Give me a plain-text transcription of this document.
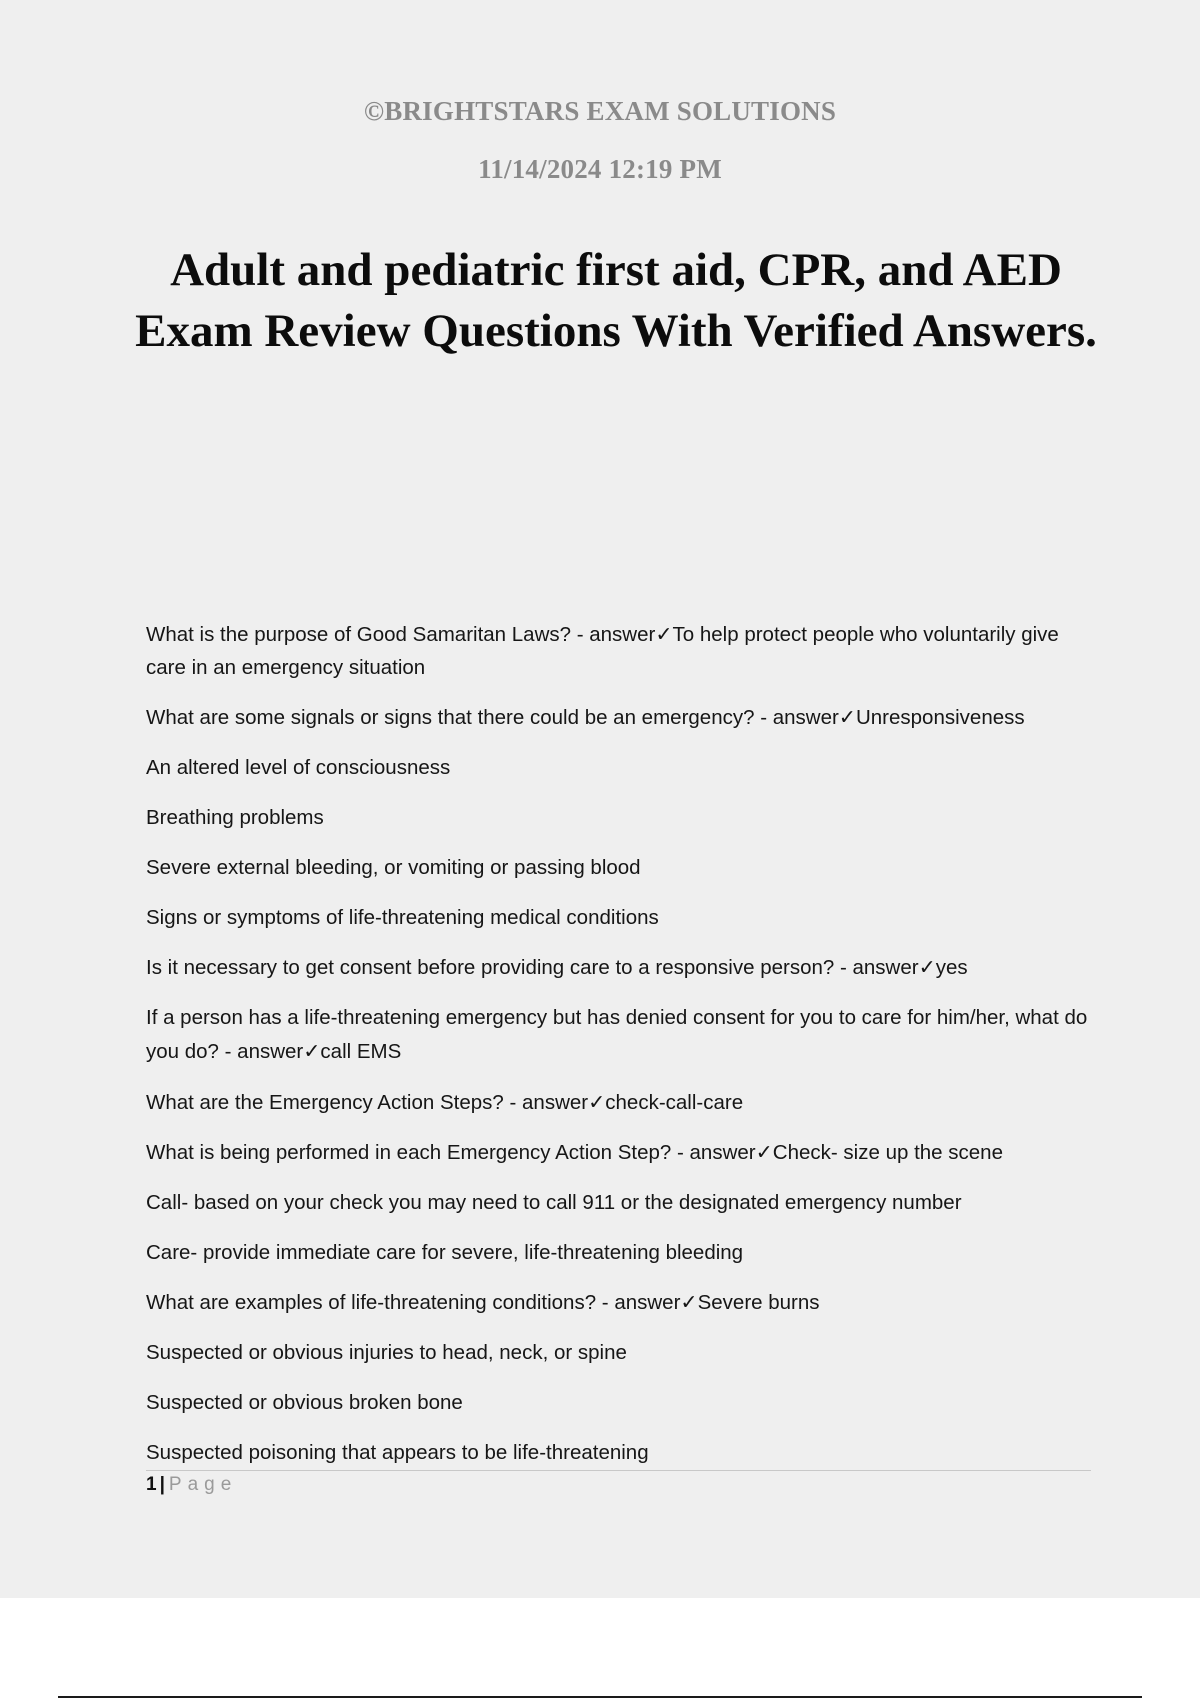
©BRIGHTSTARS EXAM SOLUTIONS
11/14/2024 12:19 PM
Adult and pediatric first aid, CPR, and AED Exam Review Questions With Verified Answers.

What is the purpose of Good Samaritan Laws? - answer✓To help protect people who voluntarily give care in an emergency situation

What are some signals or signs that there could be an emergency? - answer✓Unresponsiveness

An altered level of consciousness

Breathing problems

Severe external bleeding, or vomiting or passing blood

Signs or symptoms of life-threatening medical conditions

Is it necessary to get consent before providing care to a responsive person? - answer✓yes

If a person has a life-threatening emergency but has denied consent for you to care for him/her, what do you do? - answer✓call EMS

What are the Emergency Action Steps? - answer✓check-call-care

What is being performed in each Emergency Action Step? - answer✓Check- size up the scene

Call- based on your check you may need to call 911 or the designated emergency number

Care- provide immediate care for severe, life-threatening bleeding

What are examples of life-threatening conditions? - answer✓Severe burns

Suspected or obvious injuries to head, neck, or spine

Suspected or obvious broken bone

Suspected poisoning that appears to be life-threatening

1 | Page
